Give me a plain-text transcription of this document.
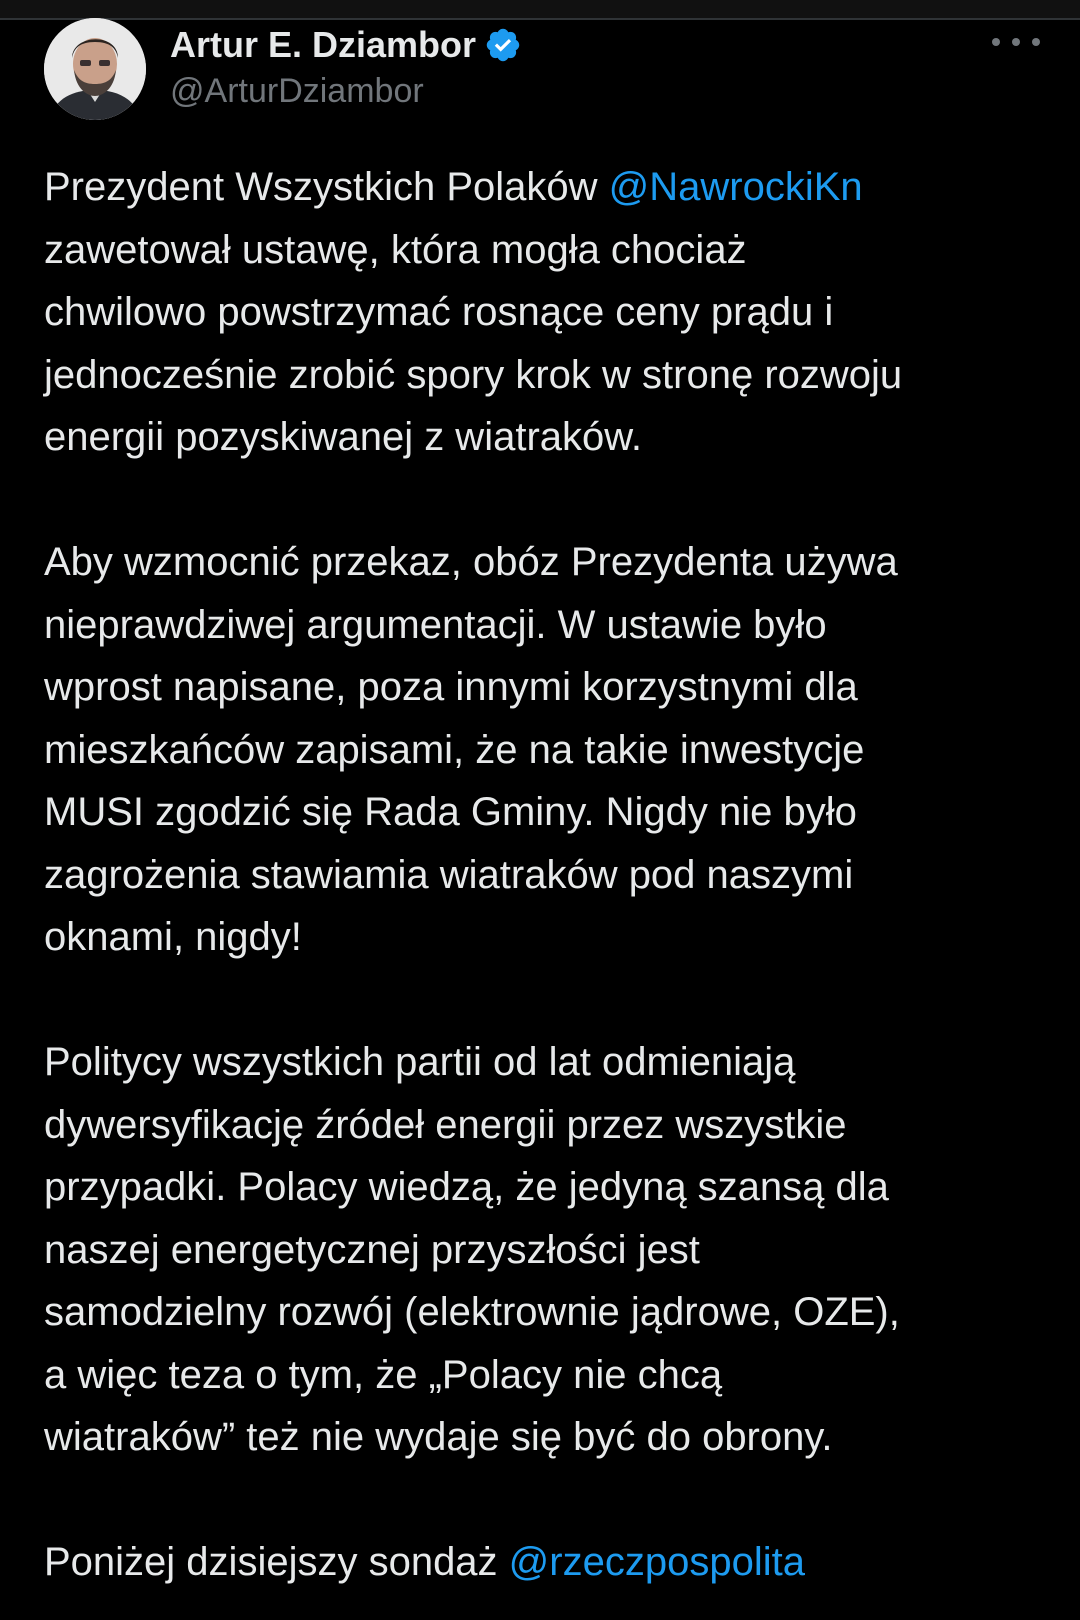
Artur E. Dziambor
@ArturDziambor
Prezydent Wszystkich Polaków @NawrockiKn
zawetował ustawę, która mogła chociaż
chwilowo powstrzymać rosnące ceny prądu i
jednocześnie zrobić spory krok w stronę rozwoju
energii pozyskiwanej z wiatraków.
Aby wzmocnić przekaz, obóz Prezydenta używa
nieprawdziwej argumentacji. W ustawie było
wprost napisane, poza innymi korzystnymi dla
mieszkańców zapisami, że na takie inwestycje
MUSI zgodzić się Rada Gminy. Nigdy nie było
zagrożenia stawiamia wiatraków pod naszymi
oknami, nigdy!
Politycy wszystkich partii od lat odmieniają
dywersyfikację źródeł energii przez wszystkie
przypadki. Polacy wiedzą, że jedyną szansą dla
naszej energetycznej przyszłości jest
samodzielny rozwój (elektrownie jądrowe, OZE),
a więc teza o tym, że „Polacy nie chcą
wiatraków” też nie wydaje się być do obrony.
Poniżej dzisiejszy sondaż @rzeczpospolita
